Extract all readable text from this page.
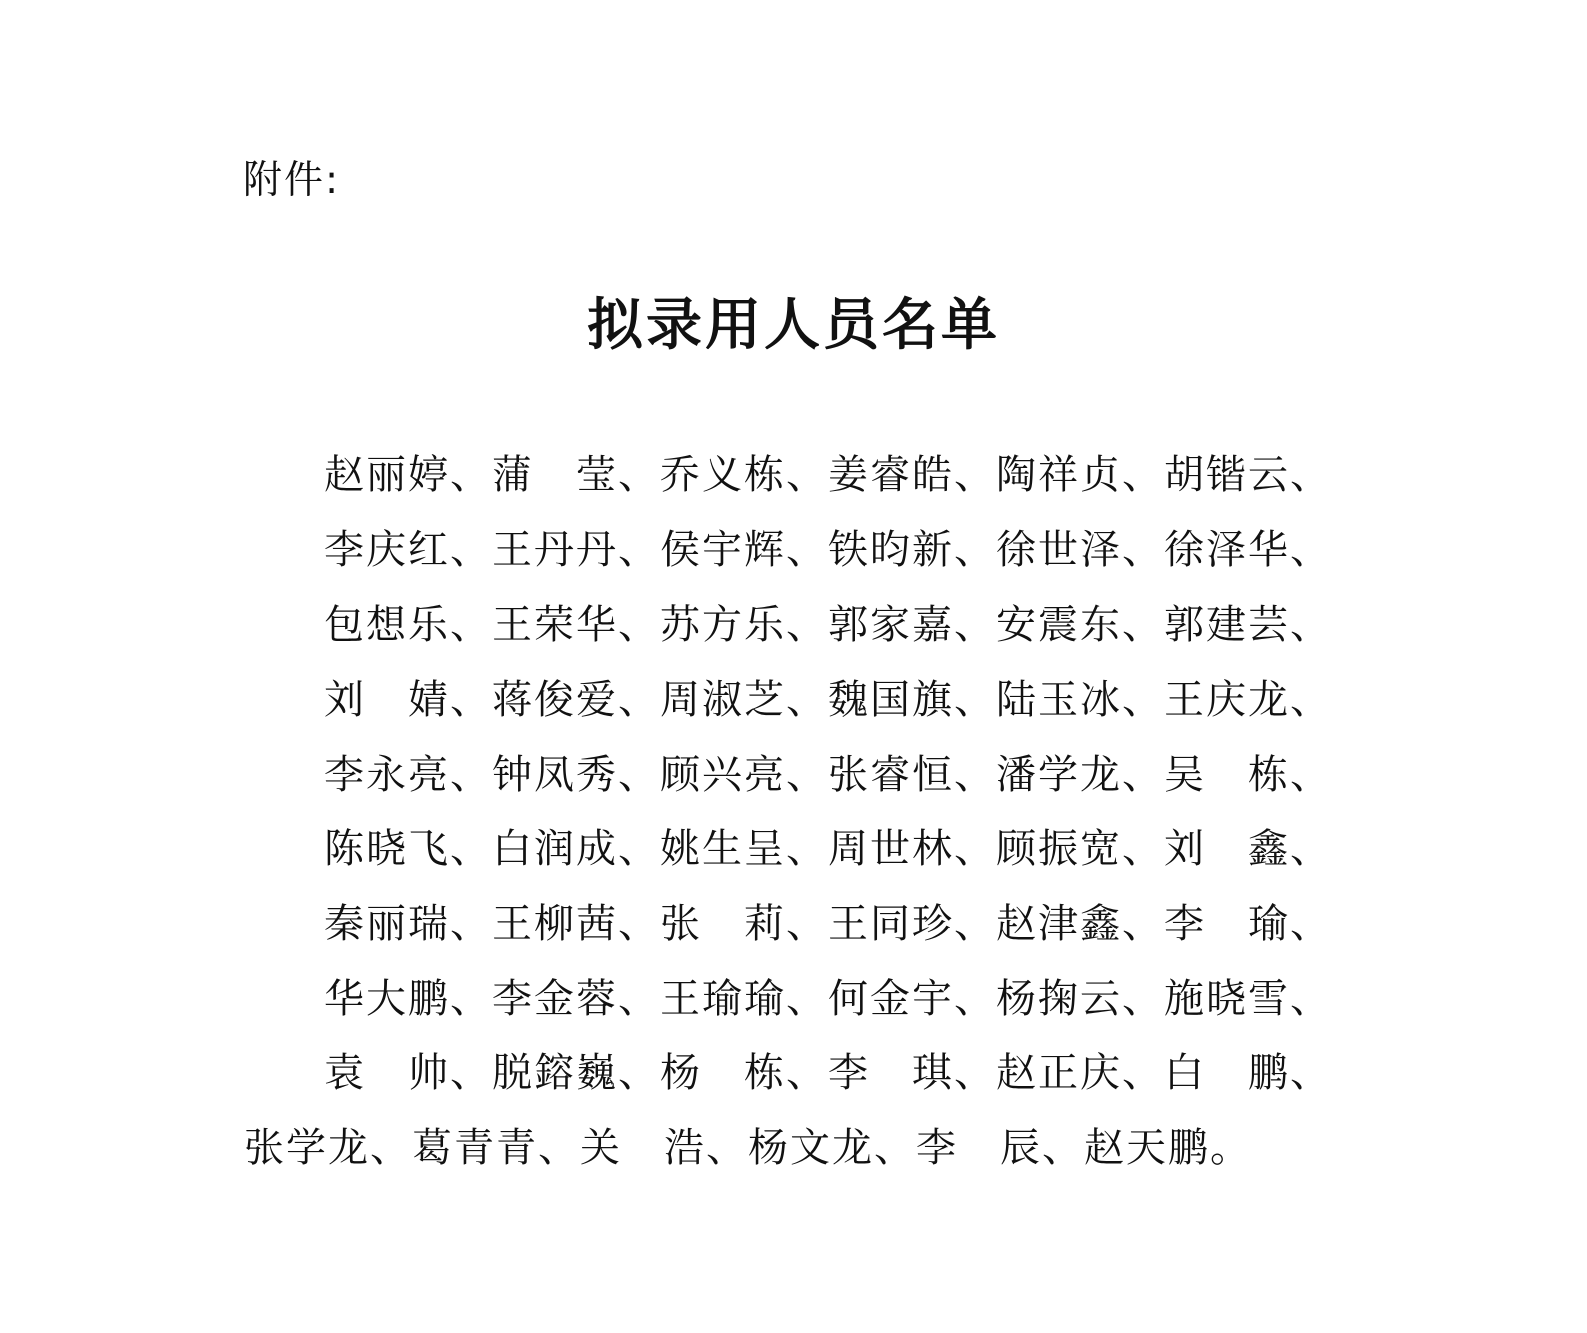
附件:
拟录用人员名单
赵 丽 婷 、 蒲 莹 、 乔 义 栋 、 姜 睿 皓 、 陶 祥 贞 、 胡 锴 云 、
李 庆 红 、 王 丹 丹 、 侯 宇 辉 、 铁 昀 新 、 徐 世 泽 、 徐 泽 华 、
包 想 乐 、 王 荣 华 、 苏 方 乐 、 郭 家 嘉 、 安 震 东 、 郭 建 芸 、
刘 婧 、 蒋 俊 爱 、 周 淑 芝 、 魏 国 旗 、 陆 玉 冰 、 王 庆 龙 、
李 永 亮 、 钟 凤 秀 、 顾 兴 亮 、 张 睿 恒 、 潘 学 龙 、 吴 栋 、
陈 晓 飞 、 白 润 成 、 姚 生 呈 、 周 世 林 、 顾 振 宽 、 刘 鑫 、
秦 丽 瑞 、 王 柳 茜 、 张 莉 、 王 同 珍 、 赵 津 鑫 、 李 瑜 、
华 大 鹏 、 李 金 蓉 、 王 瑜 瑜 、 何 金 宇 、 杨 掬 云 、 施 晓 雪 、
袁 帅 、 脱 鎔 巍 、 杨 栋 、 李 琪 、 赵 正 庆 、 白 鹏 、
张 学 龙 、 葛 青 青 、 关 浩 、 杨 文 龙 、 李 辰 、 赵 天 鹏 。
